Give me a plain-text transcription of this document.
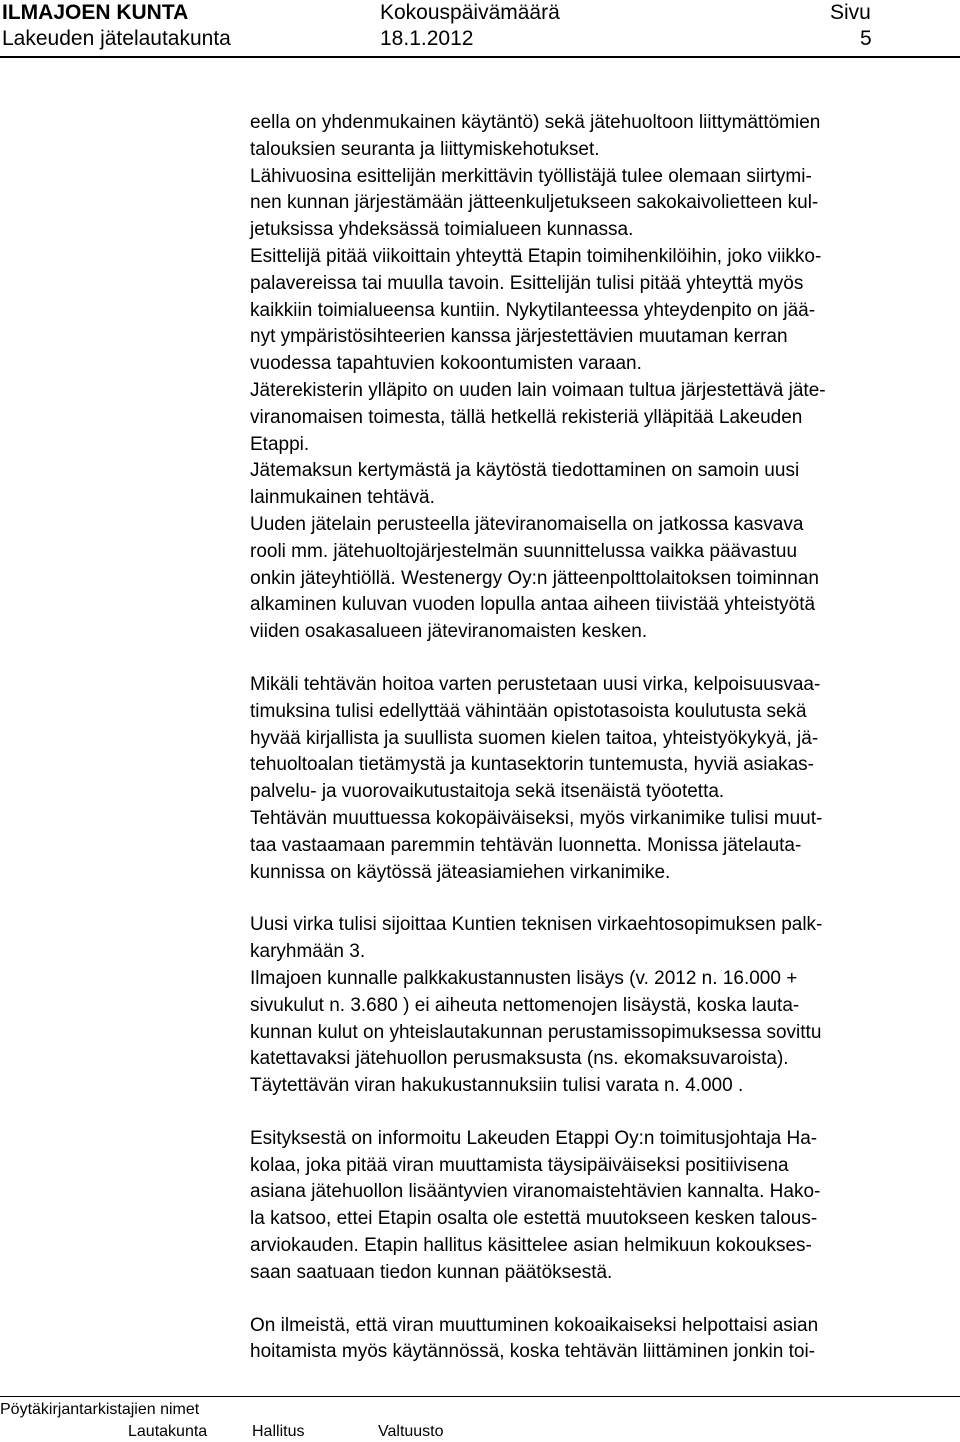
ILMAJOEN KUNTA	Kokouspäivämäärä	Sivu
Lakeuden jätelautakunta	18.1.2012	5
eella on yhdenmukainen käytäntö) sekä jätehuoltoon liittymättömien
talouksien seuranta ja liittymiskehotukset.
Lähivuosina esittelijän merkittävin työllistäjä tulee olemaan siirtymi-
nen kunnan järjestämään jätteenkuljetukseen sakokaivolietteen kul-
jetuksissa yhdeksässä toimialueen kunnassa.
Esittelijä pitää viikoittain yhteyttä Etapin toimihenkilöihin, joko viikko-
palavereissa tai muulla tavoin. Esittelijän tulisi pitää yhteyttä myös
kaikkiin toimialueensa kuntiin. Nykytilanteessa yhteydenpito on jää-
nyt ympäristösihteerien kanssa järjestettävien muutaman kerran
vuodessa tapahtuvien kokoontumisten varaan.
Jäterekisterin ylläpito on uuden lain voimaan tultua järjestettävä jäte-
viranomaisen toimesta, tällä hetkellä rekisteriä ylläpitää Lakeuden
Etappi.
Jätemaksun kertymästä ja käytöstä tiedottaminen on samoin uusi
lainmukainen tehtävä.
Uuden jätelain perusteella jäteviranomaisella on jatkossa kasvava
rooli mm. jätehuoltojärjestelmän suunnittelussa vaikka päävastuu
onkin jäteyhtiöllä. Westenergy Oy:n jätteenpolttolaitoksen toiminnan
alkaminen kuluvan vuoden lopulla antaa aiheen tiivistää yhteistyötä
viiden osakasalueen jäteviranomaisten kesken.
Mikäli tehtävän hoitoa varten perustetaan uusi virka, kelpoisuusvaa-
timuksina tulisi edellyttää vähintään opistotasoista koulutusta sekä
hyvää kirjallista ja suullista suomen kielen taitoa, yhteistyökykyä, jä-
tehuoltoalan tietämystä ja kuntasektorin tuntemusta, hyviä asiakas-
palvelu- ja vuorovaikutustaitoja sekä itsenäistä työotetta.
Tehtävän muuttuessa kokopäiväiseksi, myös virkanimike tulisi muut-
taa vastaamaan paremmin tehtävän luonnetta. Monissa jätelauta-
kunnissa on käytössä jäteasiamiehen virkanimike.
Uusi virka tulisi sijoittaa Kuntien teknisen virkaehtosopimuksen palk-
karyhmään 3.
Ilmajoen kunnalle palkkakustannusten lisäys (v. 2012 n. 16.000 +
sivukulut n. 3.680 ) ei aiheuta nettomenojen lisäystä, koska lauta-
kunnan kulut on yhteislautakunnan perustamissopimuksessa sovittu
katettavaksi jätehuollon perusmaksusta (ns. ekomaksuvaroista).
Täytettävän viran hakukustannuksiin tulisi varata n. 4.000 .
Esityksestä on informoitu Lakeuden Etappi Oy:n toimitusjohtaja Ha-
kolaa, joka pitää viran muuttamista täysipäiväiseksi positiivisena
asiana jätehuollon lisääntyvien viranomaistehtävien kannalta. Hako-
la katsoo, ettei Etapin osalta ole estettä muutokseen kesken talous-
arviokauden. Etapin hallitus käsittelee asian helmikuun kokoukses-
saan saatuaan tiedon kunnan päätöksestä.
On ilmeistä, että viran muuttuminen kokoaikaiseksi helpottaisi asian
hoitamista myös käytännössä, koska tehtävän liittäminen jonkin toi-
Pöytäkirjantarkistajien nimet
Lautakunta	Hallitus	Valtuusto
